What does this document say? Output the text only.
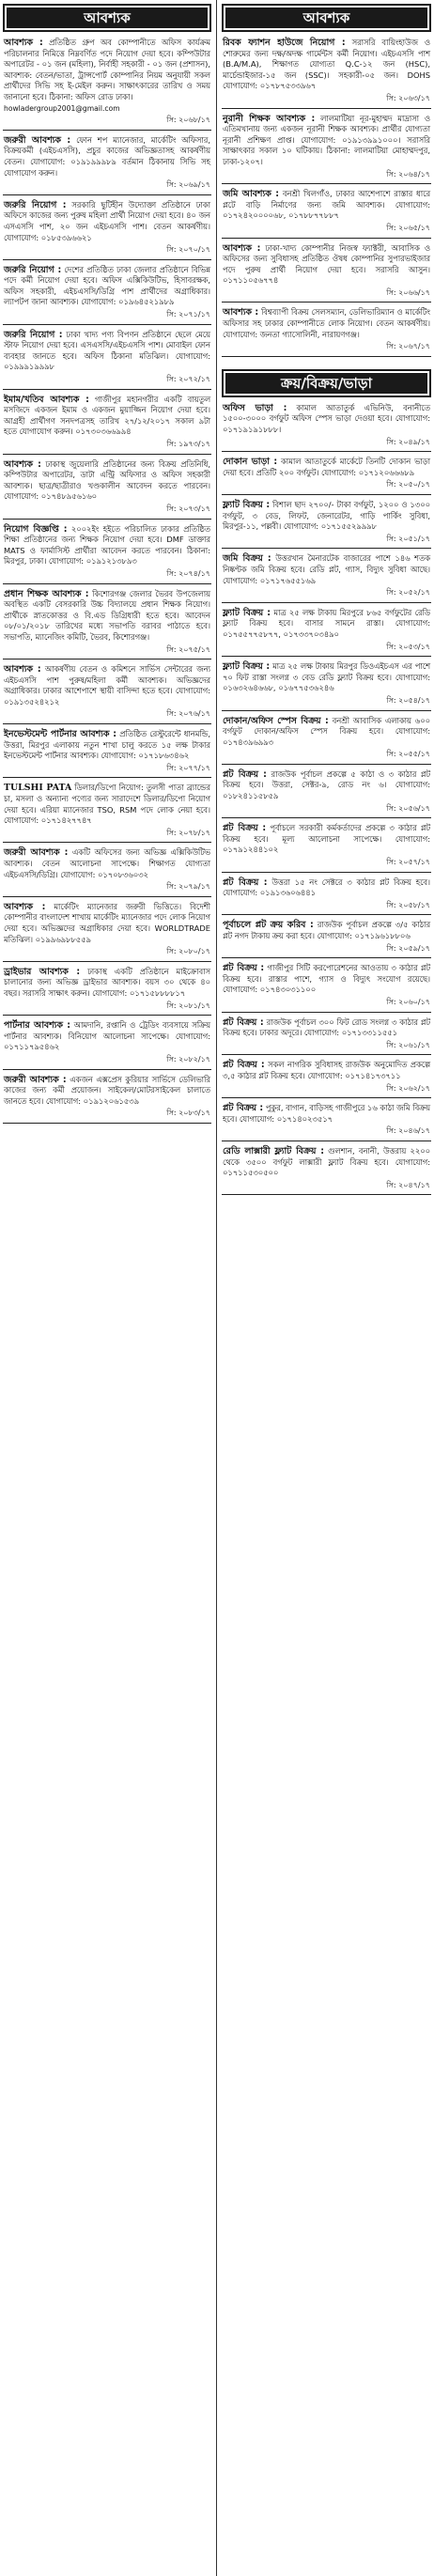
আবশ্যক
আবশ্যক : প্রতিষ্ঠিত গ্রুপ অব কোম্পানীতে অফিস কার্যক্রম পরিচালনার নিমিত্তে নিম্নবর্ণিত পদে নিয়োগ দেয়া হবে। কম্পিউটার অপারেটর - ০১ জন (মহিলা), নির্বাহী সহকারী - ০১ জন (প্রশাসন), আবশ্যক: বেতন/ভাতা, ট্রান্সপোর্ট কোম্পানির নিয়ম অনুযায়ী সকল প্রার্থীদের সিভি সহ ই-মেইল করুন। সাক্ষাৎকারের তারিখ ও সময় জানানো হবে। ঠিকানা: অফিস রোড ঢাকা।
howladergroup2001@gmail.com
সি: ২০৬৮/১৭
জরুরী আবশ্যক : ফোন শপ ম্যানেজার, মার্কেটিং অফিসার, বিক্রয়কর্মী (এইচএসসি), প্রচুর কাজের অভিজ্ঞতাসহ আকর্ষণীয় বেতন। যোগাযোগ: ০১৯১৯৯৯৮৯ বর্তমান ঠিকানায় সিভি সহ যোগাযোগ করুন।
সি: ২০৬৯/১৭
জরুরি নিয়োগ : সরকারি ছুটিহীন উদ্যোক্তা প্রতিষ্ঠানে ঢাকা অফিসে কাজের জন্য পুরুষ মহিলা প্রার্থী নিয়োগ দেয়া হবে। ৪০ জন এসএসসি পাশ, ২০ জন এইচএসসি পাশ। বেতন আকর্ষণীয়। যোগাযোগ: ০১৮৫৩৯৬৬২১
সি: ২০৭০/১৭
জরুরি নিয়োগ : দেশের প্রতিষ্ঠিত ঢাকা জেলার প্রতিষ্ঠানে বিভিন্ন পদে কর্মী নিয়োগ দেয়া হবে। অফিস এক্সিকিউটিভ, হিসাবরক্ষক, অফিস সহকারী, এইচএসসি/ডিগ্রি পাশ প্রার্থীদের অগ্রাধিকার। ল্যাপটপ জানা আবশ্যক। যোগাযোগ: ০১৯৬৪৫২১৯৮৯
সি: ২০৭১/১৭
জরুরি নিয়োগ : ঢাকা খাদ্য পণ্য বিপণন প্রতিষ্ঠানে ছেলে মেয়ে স্টাফ নিয়োগ দেয়া হবে। এসএসসি/এইচএসসি পাশ। মোবাইল ফোন ব্যবহার জানতে হবে। অফিস ঠিকানা মতিঝিল। যোগাযোগ: ০১৯৯৯১৯৯৯৮
সি: ২০৭২/১৭
ইমাম/খতিব আবশ্যক : গাজীপুর মহানগরীর একটি বায়তুল মসজিদে একজন ইমাম ও একজন মুয়াজ্জিন নিয়োগ দেয়া হবে। আগ্রহী প্রার্থীগণ সনদপত্রসহ তারিখ ২৭/১২/২০১৭ সকাল ৯টা হতে যোগাযোগ করুন। ০১৭৩০৩৬৬৯৯৪
সি: ১৯৭৩/১৭
আবশ্যক : ঢাকাস্থ জুয়েলারি প্রতিষ্ঠানের জন্য বিক্রয় প্রতিনিধি, কম্পিউটার অপারেটর, ডাটা এন্ট্রি অফিসার ও অফিস সহকারী আবশ্যক। ছাত্র/ছাত্রীরাও খণ্ডকালীন আবেদন করতে পারবেন। যোগাযোগ: ০১৭৪৮৯৫৬১৬০
সি: ২০৭৩/১৭
নিয়োগ বিজ্ঞপ্তি : ২০০২ইং হইতে পরিচালিত ঢাকার প্রতিষ্ঠিত শিক্ষা প্রতিষ্ঠানের জন্য শিক্ষক নিয়োগ দেয়া হবে। DMF ডাক্তার MATS ও ফার্মাসিস্ট প্রার্থীরা আবেদন করতে পারবেন। ঠিকানা: মিরপুর, ঢাকা। যোগাযোগ: ০১৯১২১৩৮৯৩
সি: ২০৭৪/১৭
প্রধান শিক্ষক আবশ্যক : কিশোরগঞ্জ জেলার ভৈরব উপজেলায় অবস্থিত একটি বেসরকারি উচ্চ বিদ্যালয়ে প্রধান শিক্ষক নিয়োগ। প্রার্থীকে স্নাতকোত্তর ও বি.এড ডিগ্রিধারী হতে হবে। আবেদন ০৮/০১/২০১৮ তারিখের মধ্যে সভাপতি বরাবর পাঠাতে হবে। সভাপতি, ম্যানেজিং কমিটি, ভৈরব, কিশোরগঞ্জ।
সি: ২০৭৫/১৭
আবশ্যক : আকর্ষণীয় বেতন ও কমিশনে সার্ভিস সেন্টারের জন্য এইচএসসি পাশ পুরুষ/মহিলা কর্মী আবশ্যক। অভিজ্ঞদের অগ্রাধিকার। ঢাকার আশেপাশে স্থায়ী বাসিন্দা হতে হবে। যোগাযোগ: ০১৯১৩৫২৪২১২
সি: ২০৭৬/১৭
ইনভেস্টমেন্ট পার্টনার আবশ্যক : প্রতিষ্ঠিত রেস্টুরেন্টে ধানমন্ডি, উত্তরা, মিরপুর এলাকায় নতুন শাখা চালু করতে ১৫ লক্ষ টাকার ইনভেস্টমেন্ট পার্টনার আবশ্যক। যোগাযোগ: ০১৭১৮৬৩৪৬২
সি: ২০৭৭/১৭
TULSHI PATA ডিলার/ডিপো নিয়োগ: তুলসী পাতা ব্র্যান্ডের চা, মসলা ও অন্যান্য পণ্যের জন্য সারাদেশে ডিলার/ডিপো নিয়োগ দেয়া হবে। এরিয়া ম্যানেজার TSO, RSM পদে লোক নেয়া হবে। যোগাযোগ: ০১৭১৪২৭৭৪৭
সি: ২০৭৮/১৭
জরুরী আবশ্যক : একটি অফিসের জন্য অভিজ্ঞ এক্সিকিউটিভ আবশ্যক। বেতন আলোচনা সাপেক্ষে। শিক্ষাগত যোগ্যতা এইচএসসি/ডিগ্রি। যোগাযোগ: ০১৭০৮৩৬০৩২
সি: ২০৭৯/১৭
আবশ্যক : মার্কেটিং ম্যানেজার জরুরী ভিত্তিতে। বিদেশী কোম্পানীর বাংলাদেশ শাখায় মার্কেটিং ম্যানেজার পদে লোক নিয়োগ দেয়া হবে। অভিজ্ঞদের অগ্রাধিকার দেয়া হবে। WORLDTRADE মতিঝিল। ০১৯৯৬৯৮৮৫৫৯
সি: ২০৮০/১৭
ড্রাইভার আবশ্যক : ঢাকাস্থ একটি প্রতিষ্ঠানে মাইক্রোবাস চালানোর জন্য অভিজ্ঞ ড্রাইভার আবশ্যক। বয়স ৩০ থেকে ৪০ বছর। সরাসরি সাক্ষাৎ করুন। যোগাযোগ: ০১৭১৫৮৮৮৮১৭
সি: ২০৮১/১৭
পার্টনার আবশ্যক : আমদানি, রপ্তানি ও ট্রেডিং ব্যবসায়ে সক্রিয় পার্টনার আবশ্যক। বিনিয়োগ আলোচনা সাপেক্ষে। যোগাযোগ: ০১৭১১৭৯৫৪৬২
সি: ২০৮২/১৭
জরুরী আবশ্যক : একজন এক্সপ্রেস কুরিয়ার সার্ভিসে ডেলিভারি কাজের জন্য কর্মী প্রয়োজন। সাইকেল/মোটরসাইকেল চালাতে জানতে হবে। যোগাযোগ: ০১৯১২০৬১৫৩৯
সি: ২০৮৩/১৭
আবশ্যক
রিবক ফ্যাশন হাউজে নিয়োগ : সরাসরি বায়িংহাউজ ও শোরুমের জন্য দক্ষ/অদক্ষ গার্মেন্টস কর্মী নিয়োগ। এইচএসসি পাশ (B.A/M.A), শিক্ষাগত যোগ্যতা Q.C-১২ জন (HSC), মার্চেন্ডাইজার-১৫ জন (SSC)। সহকারী-০৫ জন। DOHS যোগাযোগ: ০১৭৮৭৫৩৩৯৬৭
সি: ২০৬৩/১৭
নুরানী শিক্ষক আবশ্যক : লালমাটিয়া নূর-মুহাম্মদ মাদ্রাসা ও এতিমখানায় জন্য একজন নূরানী শিক্ষক আবশ্যক। প্রার্থীর যোগ্যতা নূরানী প্রশিক্ষণ প্রাপ্ত। যোগাযোগ: ০১৯১৩৯৯১০০০। সরাসরি সাক্ষাৎকার সকাল ১০ ঘটিকায়। ঠিকানা: লালমাটিয়া মোহাম্মদপুর, ঢাকা-১২০৭।
সি: ২০৬৪/১৭
জমি আবশ্যক : বনশ্রী খিলগাঁও, ঢাকার আশেপাশে রাস্তার ধারে প্লটে বাড়ি নির্মাণের জন্য জমি আবশ্যক। যোগাযোগ: ০১৭২৪২০০০০৬৮, ০১৭৮৮৭৭৮৮৭
সি: ২০৬৫/১৭
আবশ্যক : ঢাকা-খাদ্য কোম্পানীর নিজস্ব ফ্যাক্টরী, আবাসিক ও অফিসের জন্য সুবিধাসহ প্রতিষ্ঠিত ঔষধ কোম্পানির সুপারভাইজার পদে পুরুষ প্রার্থী নিয়োগ দেয়া হবে। সরাসরি আসুন। ০১৭১১০৫৬৭৭৪
সি: ২০৬৬/১৭
আবশ্যক : বিশ্বব্যাপী বিক্রয় সেলসম্যান, ডেলিভারিম্যান ও মার্কেটিং অফিসার সহ ঢাকার কোম্পানীতে লোক নিয়োগ। বেতন আকর্ষণীয়। যোগাযোগ: জনতা গ্যাসোলিনী, নারায়ণগঞ্জ।
সি: ২০৬৭/১৭
ক্রয়/বিক্রয়/ভাড়া
অফিস ভাড়া : কামাল আতাতুর্ক এভিনিউ, বনানীতে ১৫০০-৩০০০ বর্গফুট অফিস স্পেস ভাড়া দেওয়া হবে। যোগাযোগ: ০১৭১৯১৯১৮৮৮।
সি: ২০৪৯/১৭
দোকান ভাড়া : কামাল আতাতুর্কে মার্কেটে তিনটি দোকান ভাড়া দেয়া হবে। প্রতিটি ২০০ বর্গফুট। যোগাযোগ: ০১৭১২০৬৬৬৮৯
সি: ২০৫০/১৭
ফ্ল্যাট বিক্রয় : বিশাল ছাদ ২৭০০/- টাকা বর্গফুট, ১২০০ ও ১৩০০ বর্গফুট, ৩ বেড, লিফট, জেনারেটর, গাড়ি পার্কিং সুবিধা, মিরপুর-১১, পল্লবী। যোগাযোগ: ০১৭১৫৫২৯৯৯৮
সি: ২০৫১/১৭
জমি বিক্রয় : উত্তরখান মৈনারটেক বাজারের পাশে ১৪৬ শতক নিষ্কণ্টক জমি বিক্রয় হবে। রেডি প্লট, গ্যাস, বিদ্যুৎ সুবিধা আছে। যোগাযোগ: ০১৭১৭৬৫৫১৬৯
সি: ২০৫২/১৭
ফ্ল্যাট বিক্রয় : মাত্র ২৫ লক্ষ টাকায় মিরপুরে ৮৬৫ বর্গফুটের রেডি ফ্ল্যাট বিক্রয় হবে। বাসার সামনে রাস্তা। যোগাযোগ: ০১৭৫৫৭৭৫৮৭৭, ০১৭৩৩৭০৩৪৯০
সি: ২০৫৩/১৭
ফ্ল্যাট বিক্রয় : মাত্র ২৫ লক্ষ টাকায় মিরপুর ডিওএইচএস এর পাশে ৭০ ফিট রাস্তা সংলগ্ন ৩ বেড রেডি ফ্ল্যাট বিক্রয় হবে। যোগাযোগ: ০১৬৩২৬৪৬৬৮, ০১৬৭৭৫৩৬২৪৬
সি: ২০৫৪/১৭
দোকান/অফিস স্পেস বিক্রয় : বনশ্রী আবাসিক এলাকায় ৬০০ বর্গফুট দোকান/অফিস স্পেস বিক্রয় হবে। যোগাযোগ: ০১৭৪৩৯৬৯৯৩
সি: ২০৫৫/১৭
প্লট বিক্রয় : রাজউক পূর্বাচল প্রকল্পে ৫ কাঠা ও ৩ কাঠার প্লট বিক্রয় হবে। উত্তরা, সেক্টর-৯, রোড নং ৬। যোগাযোগ: ০১৮২৪১১৫৮৫৯
সি: ২০৫৬/১৭
প্লট বিক্রয় : পূর্বাচলে সরকারী কর্মকর্তাদের প্রকল্পে ৩ কাঠার প্লট বিক্রয় হবে। মূল্য আলোচনা সাপেক্ষে। যোগাযোগ: ০১৭৯১২৪৪১০২
সি: ২০৫৭/১৭
প্লট বিক্রয় : উত্তরা ১৫ নং সেক্টরে ৩ কাঠার প্লট বিক্রয় হবে। যোগাযোগ: ০১৯১৩৬০৬৪৪১
সি: ২০৫৮/১৭
পূর্বাচলে প্লট ক্রয় করিব : রাজউক পূর্বাচল প্রকল্পে ৩/৫ কাঠার প্লট নগদ টাকায় ক্রয় করা হবে। যোগাযোগ: ০১৭১৯৬১৮৮০৬
সি: ২০৫৯/১৭
প্লট বিক্রয় : গাজীপুর সিটি করপোরেশনের আওতায় ৩ কাঠার প্লট বিক্রয় হবে। রাস্তার পাশে, গ্যাস ও বিদ্যুৎ সংযোগ রয়েছে। যোগাযোগ: ০১৭৪৩০৩১১০০
সি: ২০৬০/১৭
প্লট বিক্রয় : রাজউক পূর্বাচল ৩০০ ফিট রোড সংলগ্ন ৩ কাঠার প্লট বিক্রয় হবে। ঢাকার অদূরে। যোগাযোগ: ০১৭১৩৩১১৫৫১
সি: ২০৬১/১৭
প্লট বিক্রয় : সকল নাগরিক সুবিধাসহ রাজউক অনুমোদিত প্রকল্পে ৩,৫ কাঠার প্লট বিক্রয় হবে। যোগাযোগ: ০১৭১৪১৭৩৭১১
সি: ২০৬২/১৭
প্লট বিক্রয় : পুকুর, বাগান, বাড়িসহ গাজীপুরে ১৬ কাঠা জমি বিক্রয় হবে। যোগাযোগ: ০১৭১৪০২৩৫১৭
সি: ২০৪৬/১৭
রেডি লাক্সারী ফ্ল্যাট বিক্রয় : গুলশান, বনানী, উত্তরায় ২২০০ থেকে ৩৫০০ বর্গফুট লাক্সারী ফ্ল্যাট বিক্রয় হবে। যোগাযোগ: ০১৭১১৫৩০৫০০
সি: ২০৪৭/১৭
